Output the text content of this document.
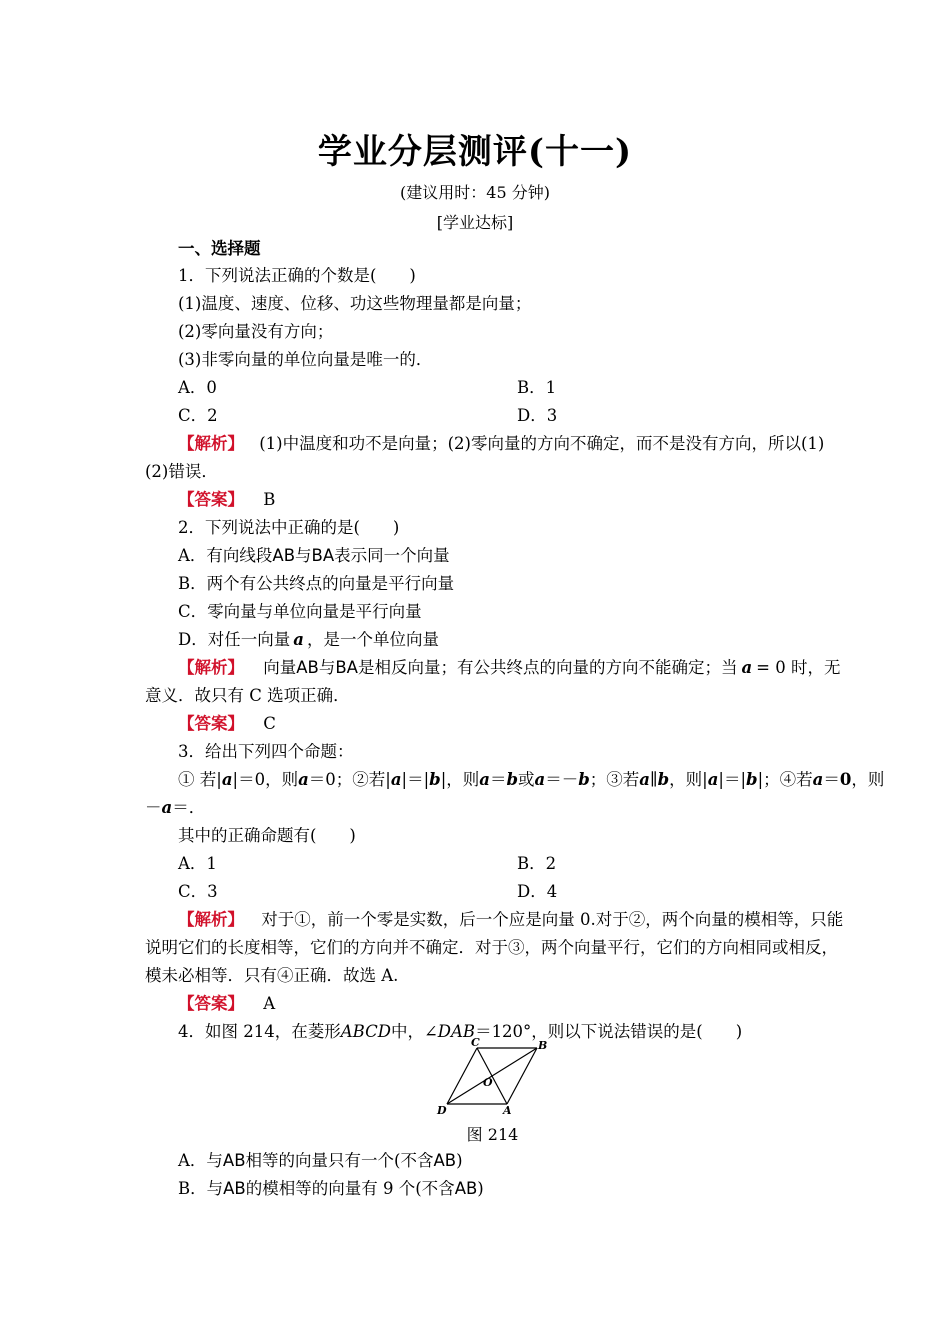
学业分层测评(十一)
(建议用时：45 分钟)
[学业达标]
一、选择题
1．下列说法正确的个数是(　　)
(1)温度、速度、位移、功这些物理量都是向量；
(2)零向量没有方向；
(3)非零向量的单位向量是唯一的．
A．0	B．1
C．2	D．3
【解析】 (1)中温度和功不是向量；(2)零向量的方向不确定，而不是没有方向，所以(1)
(2)错误．
【答案】 B
2．下列说法中正确的是(　　)
A．有向线段AB与BA表示同一个向量
B．两个有公共终点的向量是平行向量
C．零向量与单位向量是平行向量
D．对任一向量 a ，是一个单位向量
【解析】 向量AB与BA是相反向量；有公共终点的向量的方向不能确定；当 a = 0 时，无
意义．故只有 C 选项正确．
【答案】 C
3．给出下列四个命题：
① 若|a|＝0，则a＝0；②若|a|＝|b|，则a＝b或a＝－b；③若a∥b，则|a|＝|b|；④若a＝0，则
－a＝．
其中的正确命题有(　　)
A．1	B．2
C．3	D．4
【解析】 对于①，前一个零是实数，后一个应是向量 0.对于②，两个向量的模相等，只能
说明它们的长度相等，它们的方向并不确定．对于③，两个向量平行，它们的方向相同或相反，
模未必相等．只有④正确．故选 A.
【答案】 A
4．如图 214，在菱形ABCD中，∠DAB＝120°，则以下说法错误的是(　　)
C	B
O
D	A
图 214
A．与AB相等的向量只有一个(不含AB)
B．与AB的模相等的向量有 9 个(不含AB)
